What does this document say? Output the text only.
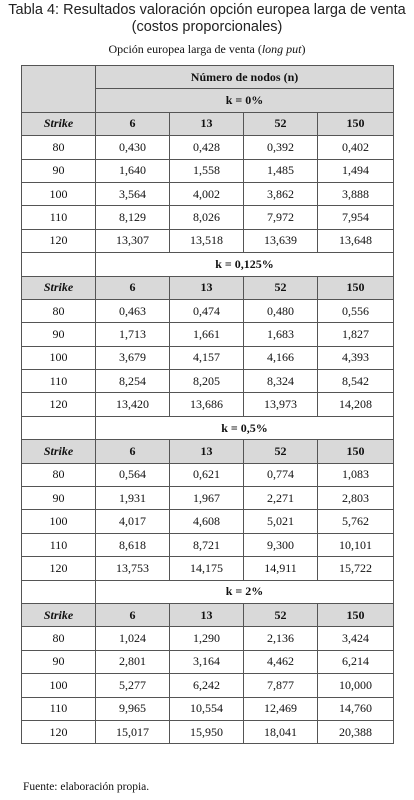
Tabla 4: Resultados valoración opción europea larga de venta
(costos proporcionales)
Opción europea larga de venta (long put)
	Número de nodos (n)			
	k = 0%			
Strike	6	13	52	150
80	0,430	0,428	0,392	0,402
90	1,640	1,558	1,485	1,494
100	3,564	4,002	3,862	3,888
110	8,129	8,026	7,972	7,954
120	13,307	13,518	13,639	13,648
	k = 0,125%			
Strike	6	13	52	150
80	0,463	0,474	0,480	0,556
90	1,713	1,661	1,683	1,827
100	3,679	4,157	4,166	4,393
110	8,254	8,205	8,324	8,542
120	13,420	13,686	13,973	14,208
	k = 0,5%			
Strike	6	13	52	150
80	0,564	0,621	0,774	1,083
90	1,931	1,967	2,271	2,803
100	4,017	4,608	5,021	5,762
110	8,618	8,721	9,300	10,101
120	13,753	14,175	14,911	15,722
	k = 2%			
Strike	6	13	52	150
80	1,024	1,290	2,136	3,424
90	2,801	3,164	4,462	6,214
100	5,277	6,242	7,877	10,000
110	9,965	10,554	12,469	14,760
120	15,017	15,950	18,041	20,388
Fuente: elaboración propia.
